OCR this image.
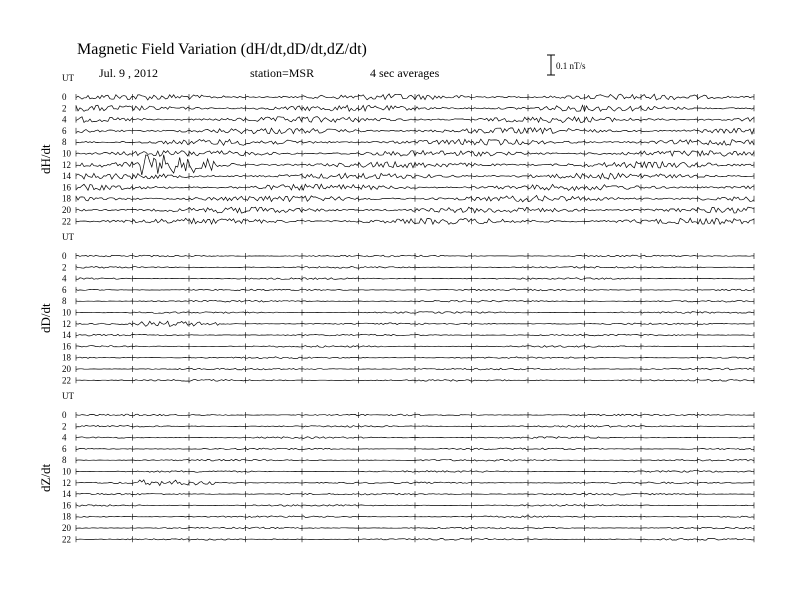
Magnetic Field Variation (dH/dt,dD/dt,dZ/dt)
Jul. 9 , 2012	station=MSR	4 sec averages	0.1 nT/s
UT
dH/dt
0
2
4
6
8
10
12
14
16
18
20
22
UT
dD/dt
0
2
4
6
8
10
12
14
16
18
20
22
UT
dZ/dt
0
2
4
6
8
10
12
14
16
18
20
22
